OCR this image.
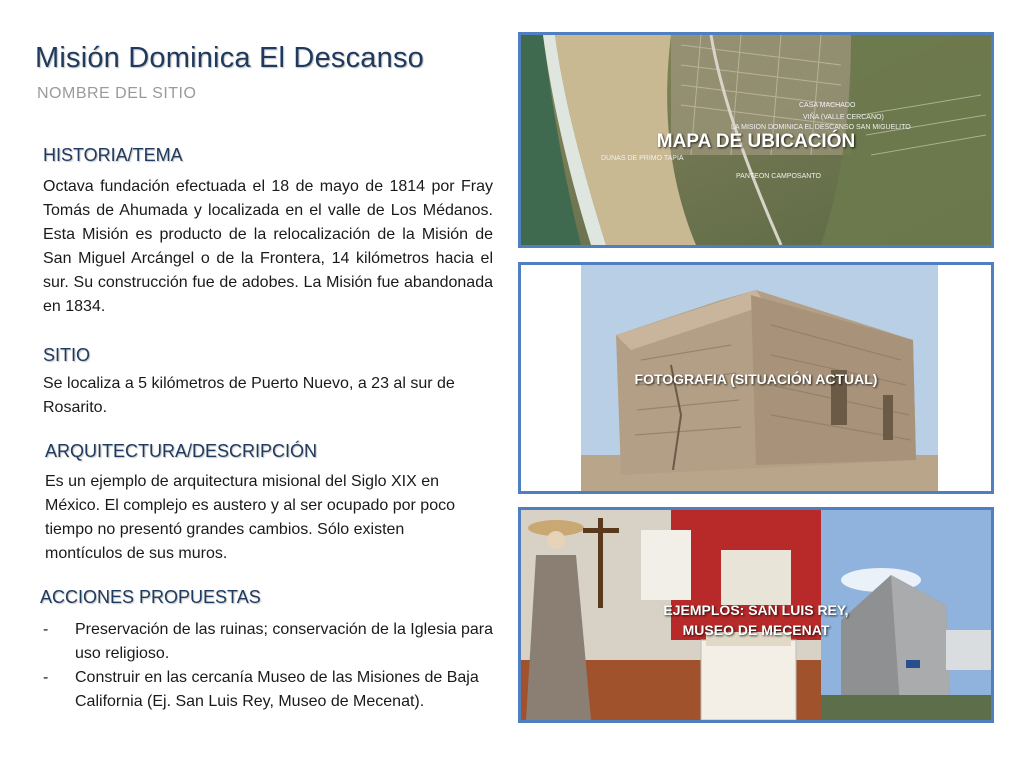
Misión Dominica El Descanso
NOMBRE DEL SITIO
HISTORIA/TEMA
Octava fundación efectuada el 18 de mayo de 1814 por Fray Tomás de Ahumada y localizada en el valle de Los Médanos. Esta Misión es producto de la relocalización de la Misión de San Miguel Arcángel o de la Frontera, 14 kilómetros hacia el sur. Su construcción fue de adobes. La Misión fue abandonada en 1834.
SITIO
Se localiza a 5 kilómetros de Puerto Nuevo, a 23 al sur de Rosarito.
ARQUITECTURA/DESCRIPCIÓN
Es un ejemplo de arquitectura misional del Siglo XIX en México. El complejo es austero y al ser ocupado por poco tiempo no presentó grandes cambios. Sólo existen montículos de sus muros.
ACCIONES PROPUESTAS
- Preservación de las ruinas; conservación de la Iglesia para uso religioso.
- Construir en las cercanía Museo de las Misiones de Baja California (Ej. San Luis Rey, Museo de Mecenat).
CASA MACHADO
VIÑA (VALLE CERCANO)
LA MISION DOMINICA EL DESCANSO SAN MIGUELITO
DUNAS DE PRIMO TAPIA
PANTEON CAMPOSANTO
MAPA DE UBICACIÓN
FOTOGRAFIA (SITUACIÓN ACTUAL)
EJEMPLOS: SAN LUIS REY,
MUSEO DE MECENAT
